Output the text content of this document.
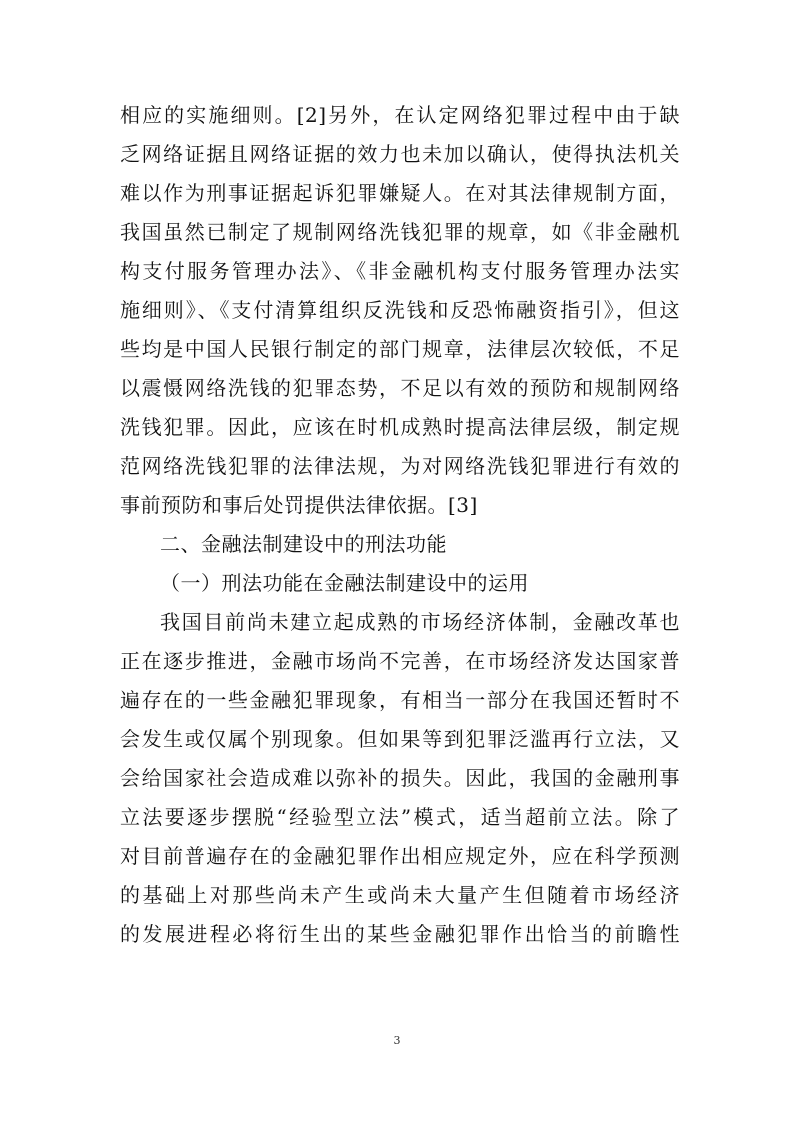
相应的实施细则。[2]另外，在认定网络犯罪过程中由于缺
乏网络证据且网络证据的效力也未加以确认，使得执法机关
难以作为刑事证据起诉犯罪嫌疑人。在对其法律规制方面，
我国虽然已制定了规制网络洗钱犯罪的规章，如《非金融机
构支付服务管理办法》、《非金融机构支付服务管理办法实
施细则》、《支付清算组织反洗钱和反恐怖融资指引》，但这
些均是中国人民银行制定的部门规章，法律层次较低，不足
以震慑网络洗钱的犯罪态势，不足以有效的预防和规制网络
洗钱犯罪。因此，应该在时机成熟时提高法律层级，制定规
范网络洗钱犯罪的法律法规，为对网络洗钱犯罪进行有效的
事前预防和事后处罚提供法律依据。[3]
二、金融法制建设中的刑法功能
（一）刑法功能在金融法制建设中的运用
我国目前尚未建立起成熟的市场经济体制，金融改革也
正在逐步推进，金融市场尚不完善，在市场经济发达国家普
遍存在的一些金融犯罪现象，有相当一部分在我国还暂时不
会发生或仅属个别现象。但如果等到犯罪泛滥再行立法，又
会给国家社会造成难以弥补的损失。因此，我国的金融刑事
立法要逐步摆脱“经验型立法”模式，适当超前立法。除了
对目前普遍存在的金融犯罪作出相应规定外，应在科学预测
的基础上对那些尚未产生或尚未大量产生但随着市场经济
的发展进程必将衍生出的某些金融犯罪作出恰当的前瞻性
3
